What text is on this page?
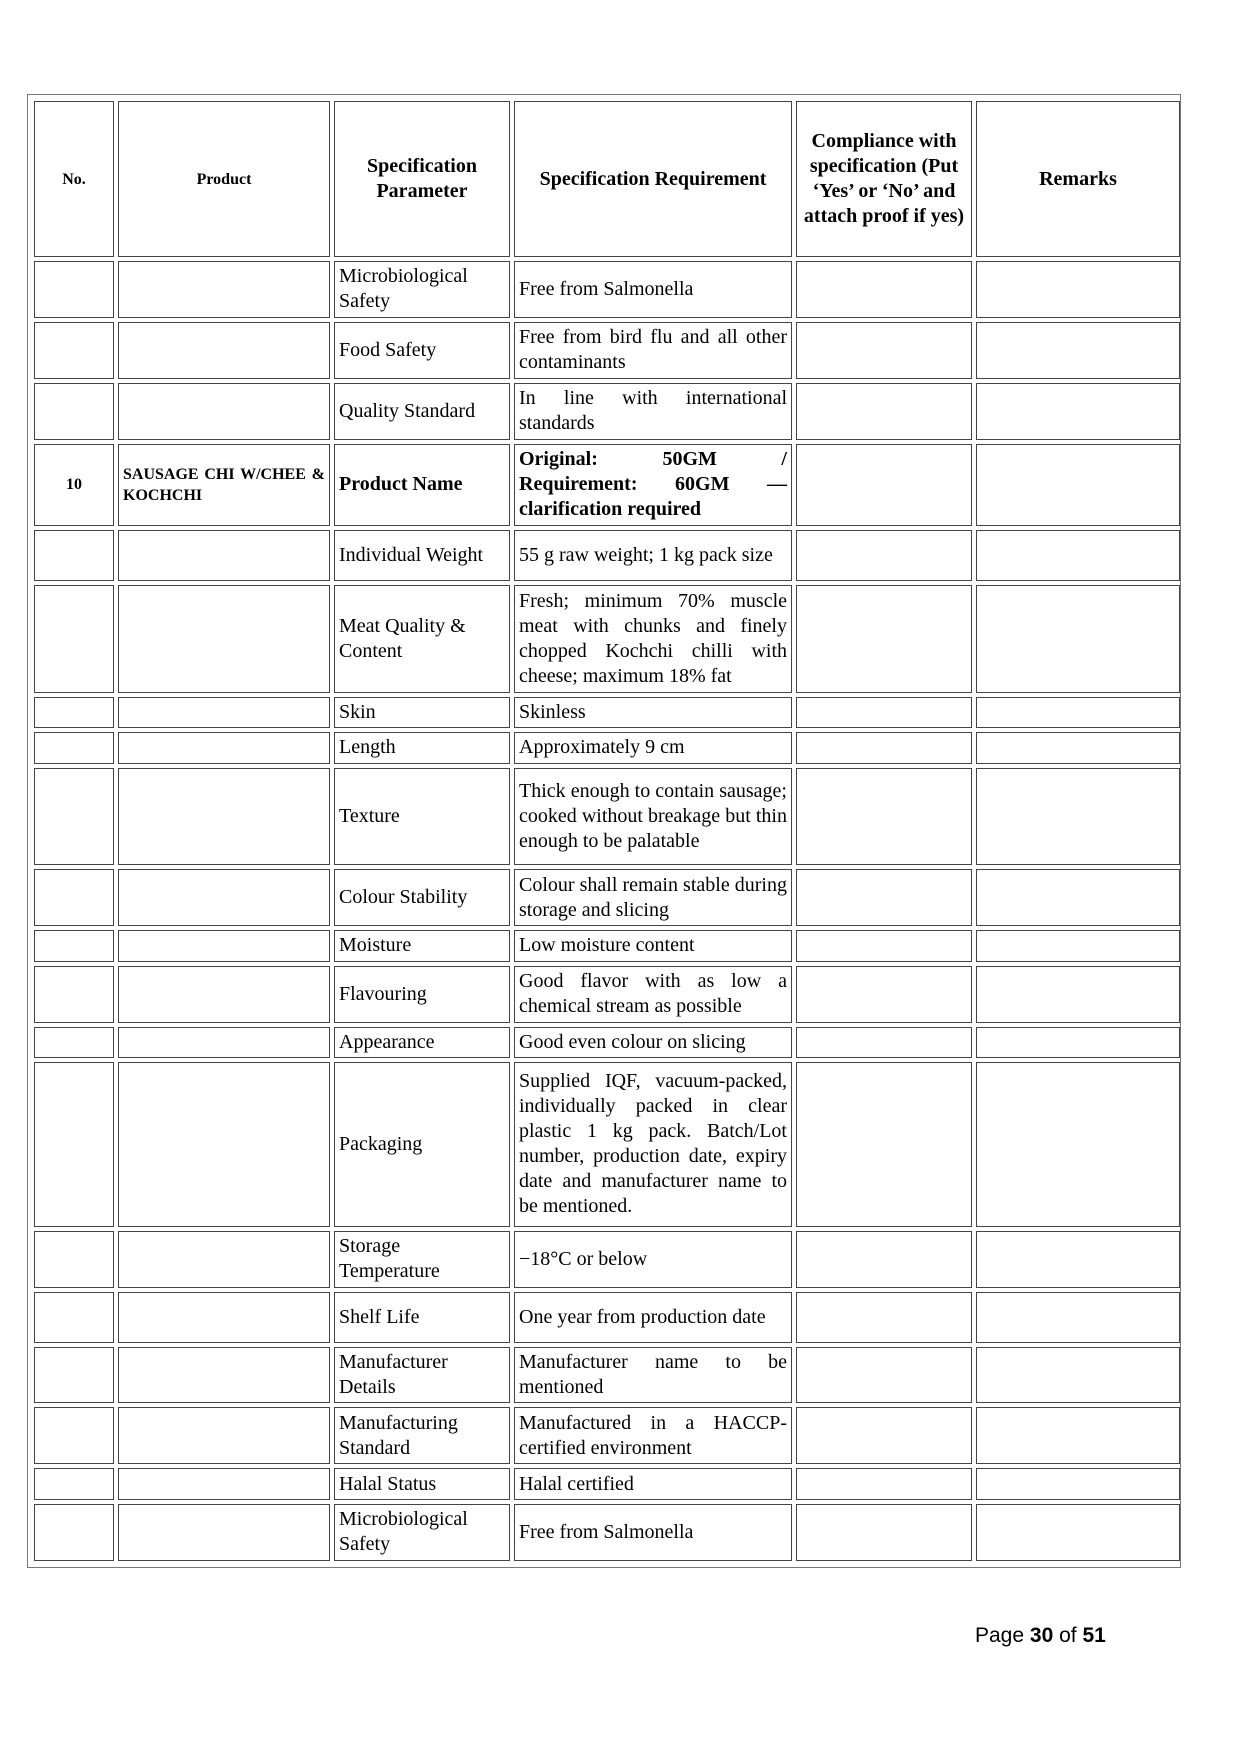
No.	Product	Specification Parameter	Specification Requirement	Compliance with specification (Put ‘Yes’ or ‘No’ and attach proof if yes)	Remarks
		Microbiological Safety	Free from Salmonella		
		Food Safety	Free from bird flu and all other contaminants		
		Quality Standard	In line with international standards		
10	SAUSAGE CHI W/CHEE & KOCHCHI	Product Name	Original: 50GM / Requirement: 60GM — clarification required		
		Individual Weight	55 g raw weight; 1 kg pack size		
		Meat Quality & Content	Fresh; minimum 70% muscle meat with chunks and finely chopped Kochchi chilli with cheese; maximum 18% fat		
		Skin	Skinless		
		Length	Approximately 9 cm		
		Texture	Thick enough to contain sausage; cooked without breakage but thin enough to be palatable		
		Colour Stability	Colour shall remain stable during storage and slicing		
		Moisture	Low moisture content		
		Flavouring	Good flavor with as low a chemical stream as possible		
		Appearance	Good even colour on slicing		
		Packaging	Supplied IQF, vacuum-packed, individually packed in clear plastic 1 kg pack. Batch/Lot number, production date, expiry date and manufacturer name to be mentioned.		
		Storage Temperature	−18°C or below		
		Shelf Life	One year from production date		
		Manufacturer Details	Manufacturer name to be mentioned		
		Manufacturing Standard	Manufactured in a HACCP-certified environment		
		Halal Status	Halal certified		
		Microbiological Safety	Free from Salmonella		
Page 30 of 51
